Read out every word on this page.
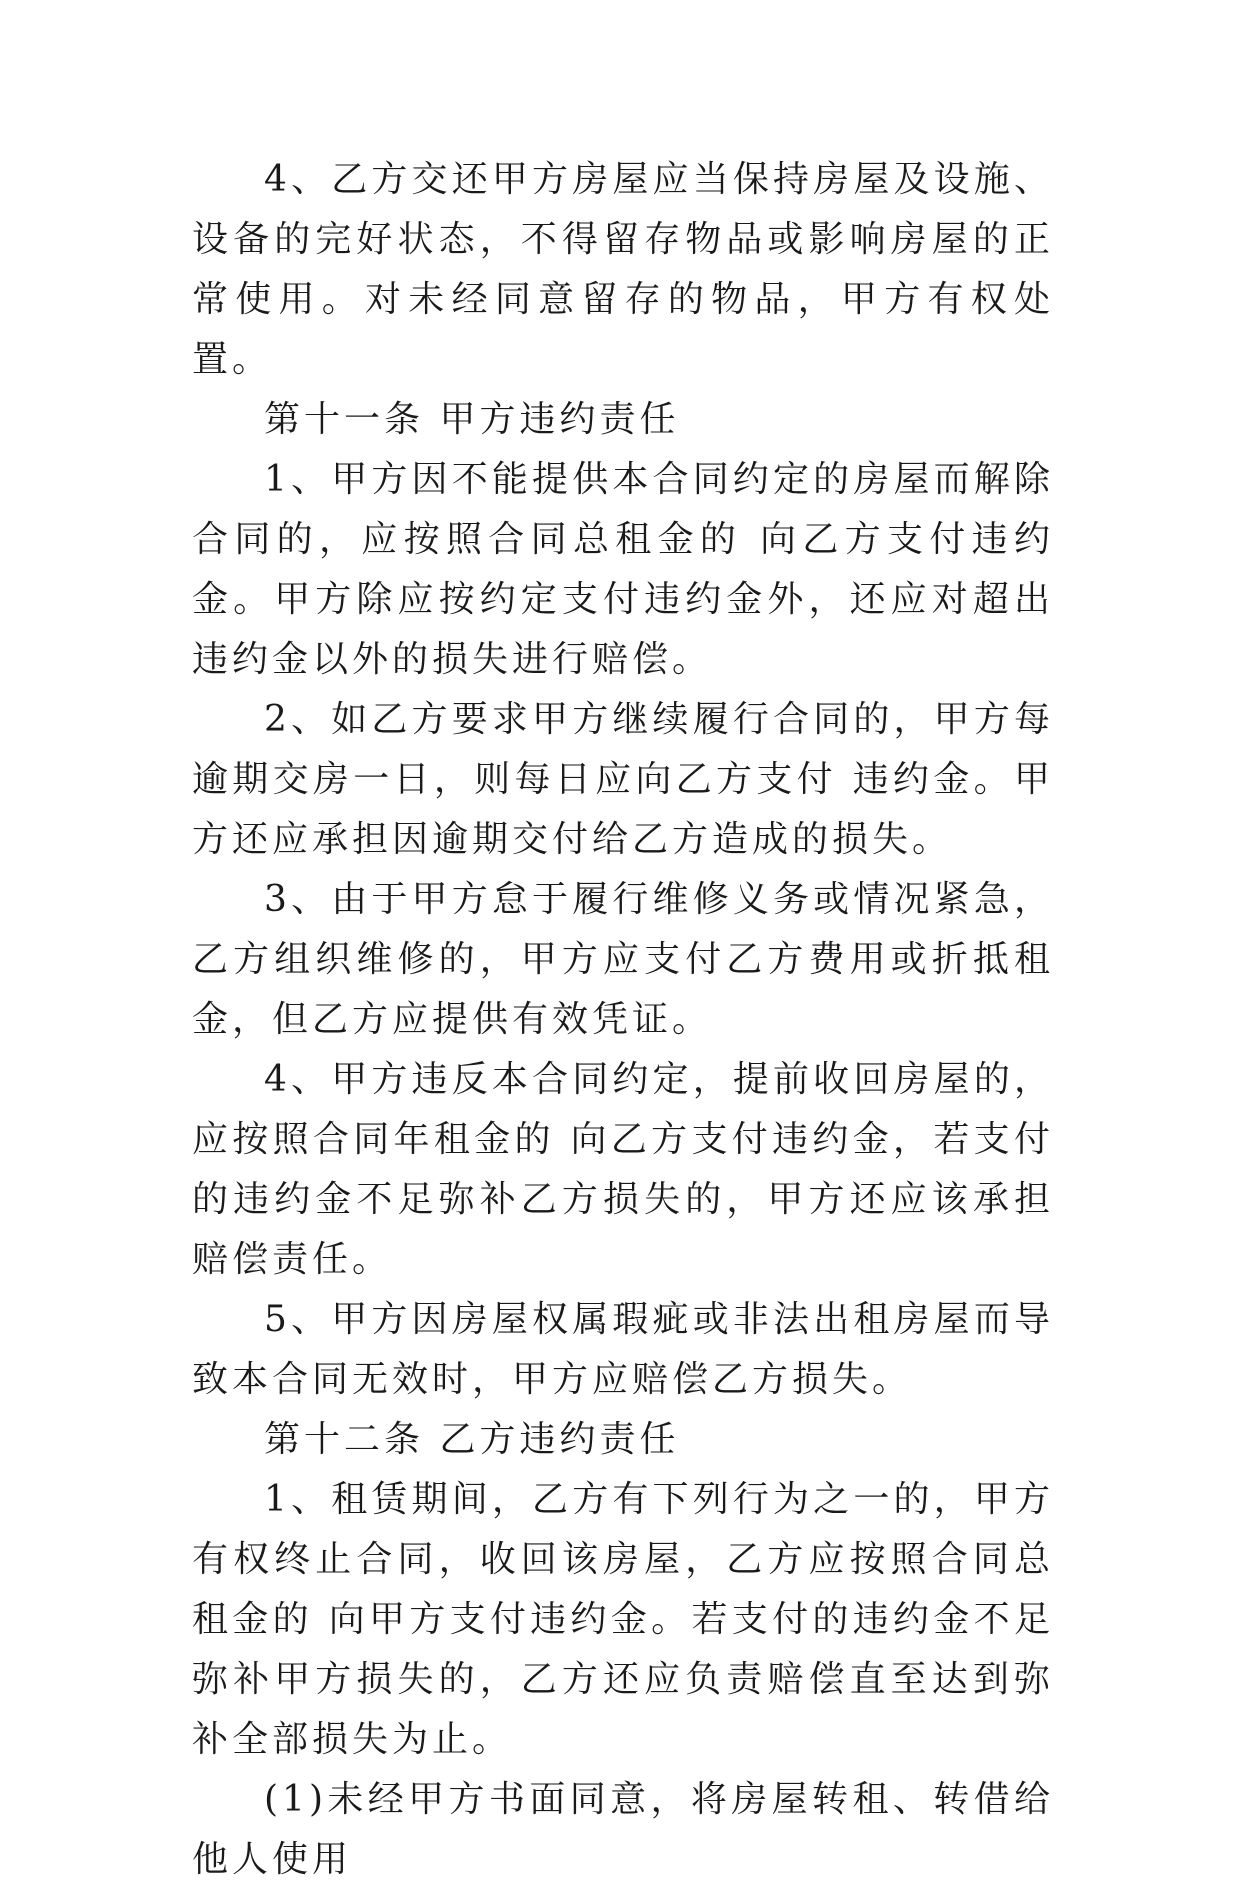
4、乙方交还甲方房屋应当保持房屋及设施、设备的完好状态，不得留存物品或影响房屋的正常使用。对未经同意留存的物品，甲方有权处置。

第十一条 甲方违约责任

1、甲方因不能提供本合同约定的房屋而解除合同的，应按照合同总租金的 向乙方支付违约金。甲方除应按约定支付违约金外，还应对超出违约金以外的损失进行赔偿。

2、如乙方要求甲方继续履行合同的，甲方每逾期交房一日，则每日应向乙方支付 违约金。甲方还应承担因逾期交付给乙方造成的损失。

3、由于甲方怠于履行维修义务或情况紧急，乙方组织维修的，甲方应支付乙方费用或折抵租金，但乙方应提供有效凭证。

4、甲方违反本合同约定，提前收回房屋的，应按照合同年租金的 向乙方支付违约金，若支付的违约金不足弥补乙方损失的，甲方还应该承担赔偿责任。

5、甲方因房屋权属瑕疵或非法出租房屋而导致本合同无效时，甲方应赔偿乙方损失。

第十二条 乙方违约责任

1、租赁期间，乙方有下列行为之一的，甲方有权终止合同，收回该房屋，乙方应按照合同总租金的 向甲方支付违约金。若支付的违约金不足弥补甲方损失的，乙方还应负责赔偿直至达到弥补全部损失为止。

(1)未经甲方书面同意，将房屋转租、转借给他人使用
